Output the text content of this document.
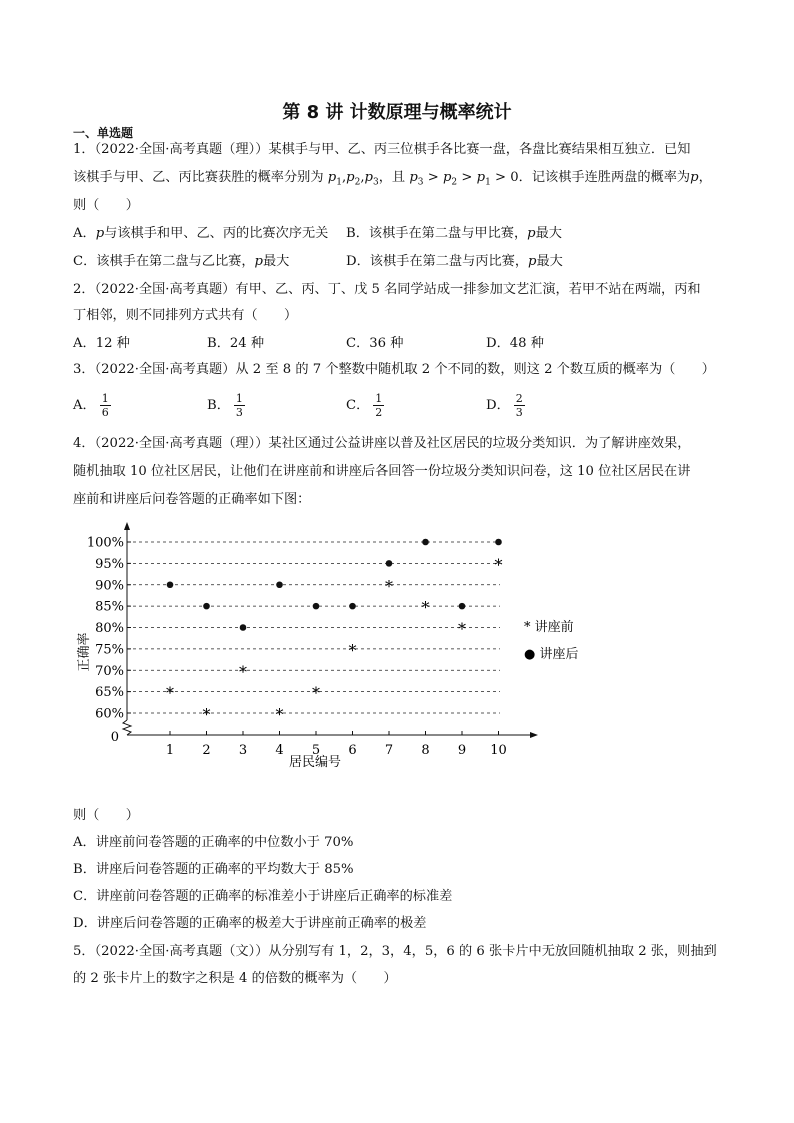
第 8 讲 计数原理与概率统计
一、单选题
1．（2022·全国·高考真题（理））某棋手与甲、乙、丙三位棋手各比赛一盘，各盘比赛结果相互独立．已知
该棋手与甲、乙、丙比赛获胜的概率分别为 $p_1,p_2,p_3$，且 $p_3 > p_2 > p_1 > 0$．记该棋手连胜两盘的概率为p，
则（　　）
A．p与该棋手和甲、乙、丙的比赛次序无关 B．该棋手在第二盘与甲比赛，p最大
C．该棋手在第二盘与乙比赛，p最大	D．该棋手在第二盘与丙比赛，p最大
2．（2022·全国·高考真题）有甲、乙、丙、丁、戊 5 名同学站成一排参加文艺汇演，若甲不站在两端，丙和
丁相邻，则不同排列方式共有（　　）
A．12 种	B．24 种	C．36 种	D．48 种
3．（2022·全国·高考真题）从 2 至 8 的 7 个整数中随机取 2 个不同的数，则这 2 个数互质的概率为（　　）
A． $\frac{1}{6}$	B． $\frac{1}{3}$	C． $\frac{1}{2}$	D． $\frac{2}{3}$
4．（2022·全国·高考真题（理））某社区通过公益讲座以普及社区居民的垃圾分类知识．为了解讲座效果，
随机抽取 10 位社区居民，让他们在讲座前和讲座后各回答一份垃圾分类知识问卷，这 10 位社区居民在讲
座前和讲座后问卷答题的正确率如下图：
60%
65%
70%
75%
80%
85%
90%
95%
100%
0
1 2 3 4 5 6 7 8 9 10
*
*
*
*
*
*
*
*
*
*
正确率
居民编号
* 讲座前
● 讲座后
则（　　）
A．讲座前问卷答题的正确率的中位数小于 70%
B．讲座后问卷答题的正确率的平均数大于 85%
C．讲座前问卷答题的正确率的标准差小于讲座后正确率的标准差
D．讲座后问卷答题的正确率的极差大于讲座前正确率的极差
5．（2022·全国·高考真题（文））从分别写有 1，2，3，4，5，6 的 6 张卡片中无放回随机抽取 2 张，则抽到
的 2 张卡片上的数字之积是 4 的倍数的概率为（　　）
